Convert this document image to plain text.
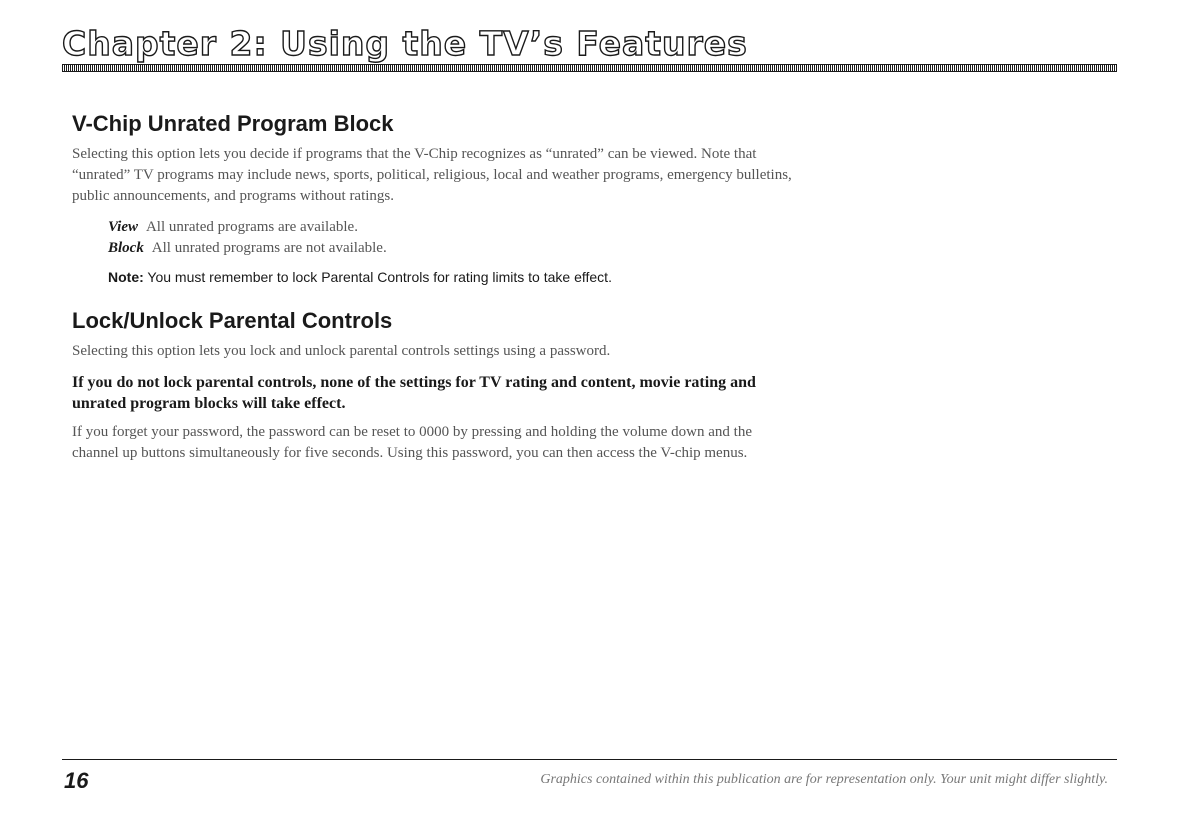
Chapter 2: Using the TV’s Features
V-Chip Unrated Program Block

Selecting this option lets you decide if programs that the V-Chip recognizes as “unrated” can be viewed. Note that “unrated” TV programs may include news, sports, political, religious, local and weather programs, emergency bulletins, public announcements, and programs without ratings.

View All unrated programs are available.
Block All unrated programs are not available.
Note: You must remember to lock Parental Controls for rating limits to take effect.
Lock/Unlock Parental Controls

Selecting this option lets you lock and unlock parental controls settings using a password.

If you do not lock parental controls, none of the settings for TV rating and content, movie rating and unrated program blocks will take effect.

If you forget your password, the password can be reset to 0000 by pressing and holding the volume down and the channel up buttons simultaneously for five seconds. Using this password, you can then access the V-chip menus.

16	Graphics contained within this publication are for representation only. Your unit might differ slightly.
